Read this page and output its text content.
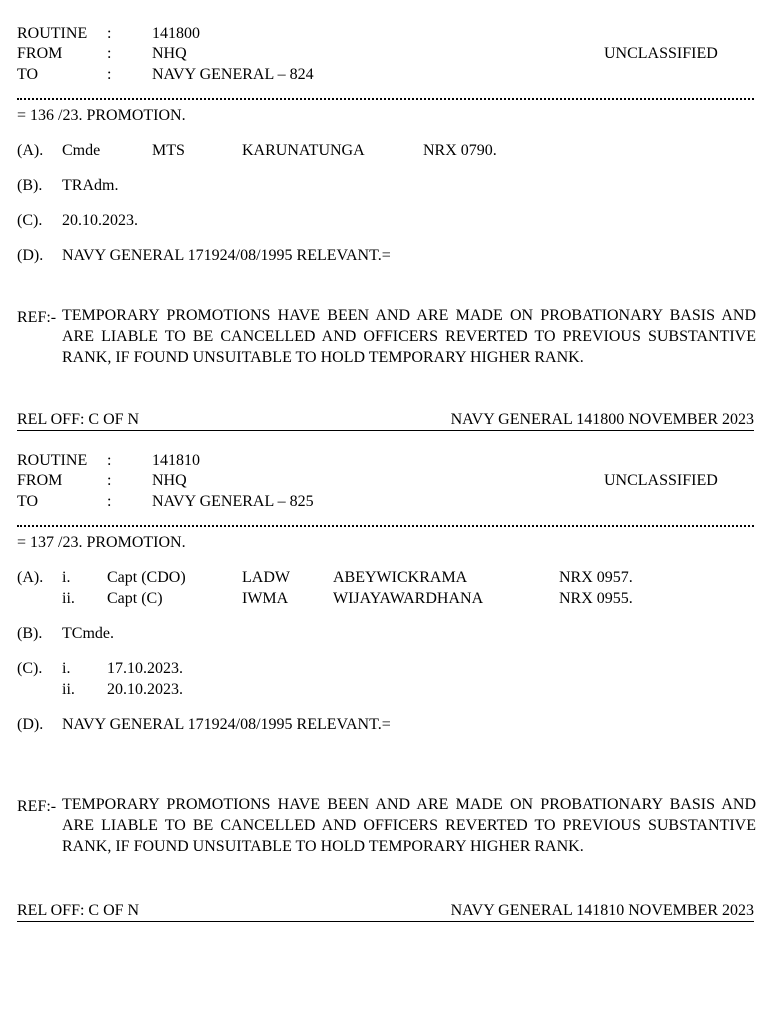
ROUTINE :	141800
FROM	:	NHQ	UNCLASSIFIED
TO	:	NAVY GENERAL – 824
= 136 /23. PROMOTION.
(A). Cmde	MTS	KARUNATUNGA	NRX 0790.
(B). TRAdm.
(C). 20.10.2023.
(D). NAVY GENERAL 171924/08/1995 RELEVANT.=
REF:- TEMPORARY PROMOTIONS HAVE BEEN AND ARE MADE ON PROBATIONARY BASIS AND ARE LIABLE TO BE CANCELLED AND OFFICERS REVERTED TO PREVIOUS SUBSTANTIVE RANK, IF FOUND UNSUITABLE TO HOLD TEMPORARY HIGHER RANK.
REL OFF: C OF N	NAVY GENERAL 141800 NOVEMBER 2023
ROUTINE :	141810
FROM	:	NHQ	UNCLASSIFIED
TO	:	NAVY GENERAL – 825
= 137 /23. PROMOTION.
(A). i. Capt (CDO)	LADW	ABEYWICKRAMA	NRX 0957.
ii. Capt (C)	IWMA	WIJAYAWARDHANA	NRX 0955.
(B). TCmde.
(C). i. 17.10.2023.
ii. 20.10.2023.
(D). NAVY GENERAL 171924/08/1995 RELEVANT.=
REF:- TEMPORARY PROMOTIONS HAVE BEEN AND ARE MADE ON PROBATIONARY BASIS AND ARE LIABLE TO BE CANCELLED AND OFFICERS REVERTED TO PREVIOUS SUBSTANTIVE RANK, IF FOUND UNSUITABLE TO HOLD TEMPORARY HIGHER RANK.
REL OFF: C OF N	NAVY GENERAL 141810 NOVEMBER 2023
